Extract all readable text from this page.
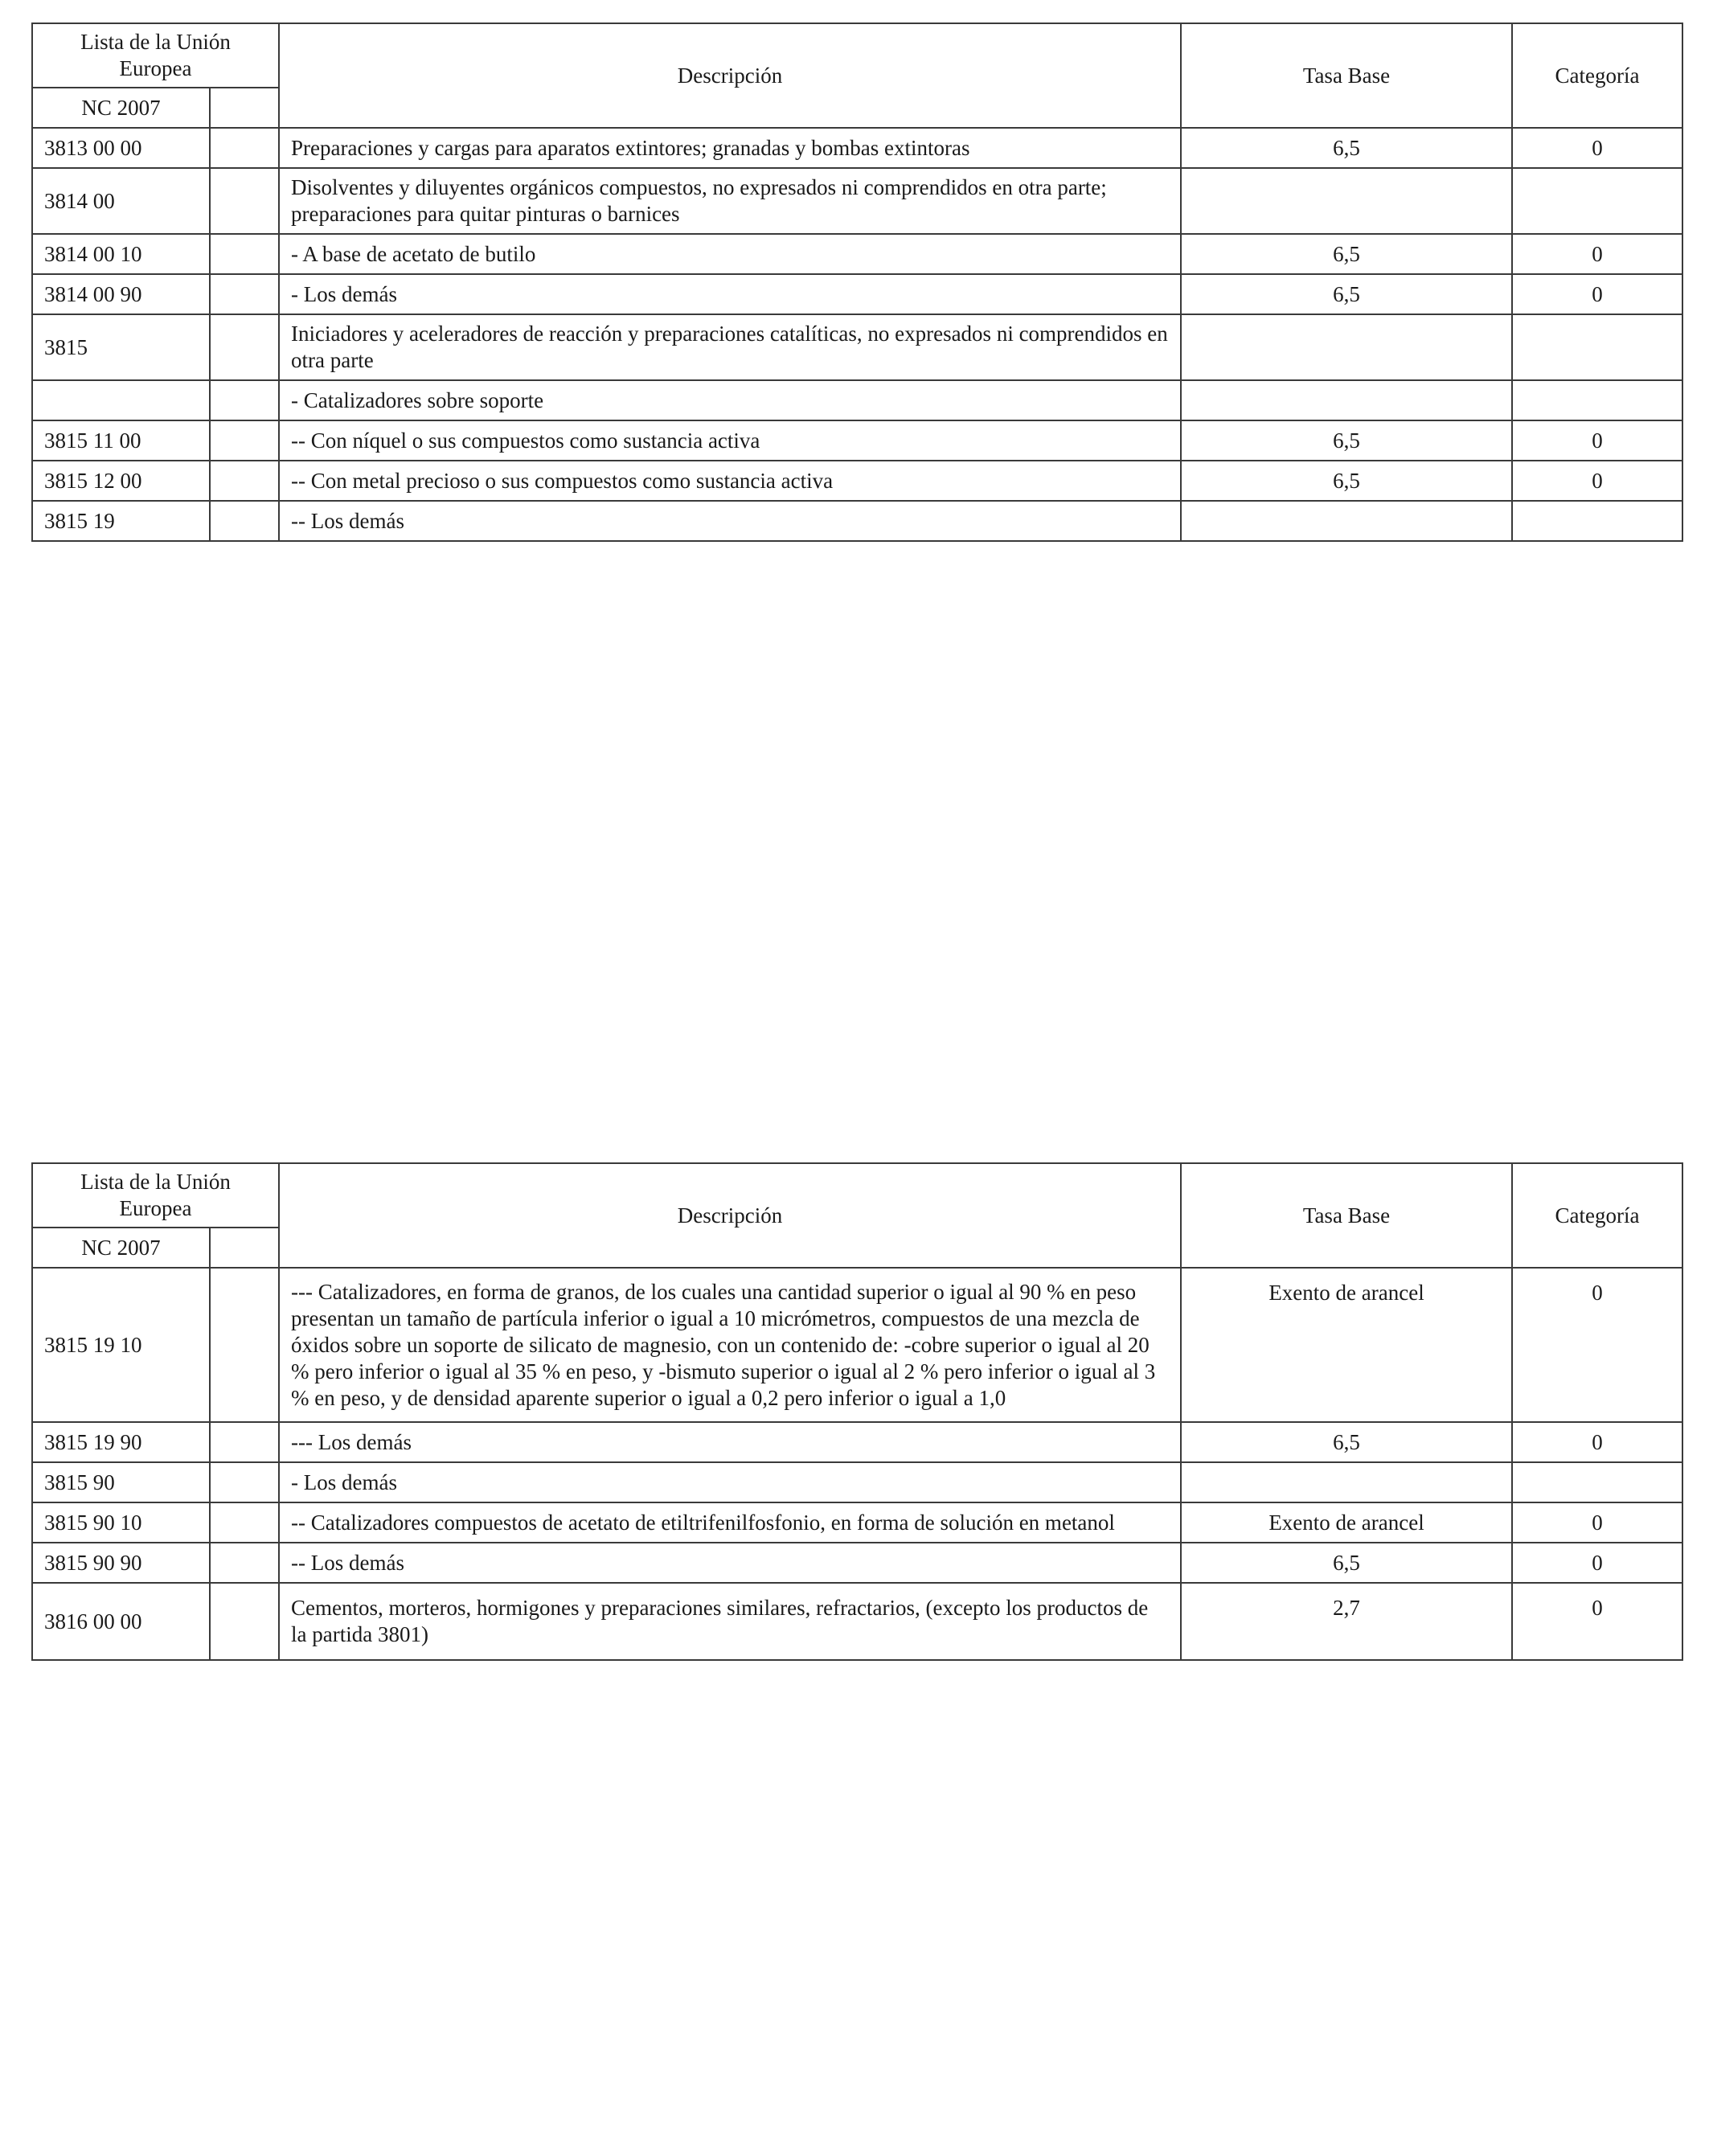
Lista de la Unión Europea		Descripción	Tasa Base	Categoría
NC 2007				
3813 00 00		Preparaciones y cargas para aparatos extintores; granadas y bombas extintoras	6,5	0
3814 00		Disolventes y diluyentes orgánicos compuestos, no expresados ni comprendidos en otra parte; preparaciones para quitar pinturas o barnices		
3814 00 10		- A base de acetato de butilo	6,5	0
3814 00 90		- Los demás	6,5	0
3815		Iniciadores y aceleradores de reacción y preparaciones catalíticas, no expresados ni comprendidos en otra parte		
		- Catalizadores sobre soporte		
3815 11 00		-- Con níquel o sus compuestos como sustancia activa	6,5	0
3815 12 00		-- Con metal precioso o sus compuestos como sustancia activa	6,5	0
3815 19		-- Los demás		
Lista de la Unión Europea		Descripción	Tasa Base	Categoría
NC 2007				
3815 19 10		--- Catalizadores, en forma de granos, de los cuales una cantidad superior o igual al 90 % en peso presentan un tamaño de partícula inferior o igual a 10 micrómetros, compuestos de una mezcla de óxidos sobre un soporte de silicato de magnesio, con un contenido de: -cobre superior o igual al 20 % pero inferior o igual al 35 % en peso, y -bismuto superior o igual al 2 % pero inferior o igual al 3 % en peso, y de densidad aparente superior o igual a 0,2 pero inferior o igual a 1,0	Exento de arancel	0
3815 19 90		--- Los demás	6,5	0
3815 90		- Los demás		
3815 90 10		-- Catalizadores compuestos de acetato de etiltrifenilfosfonio, en forma de solución en metanol	Exento de arancel	0
3815 90 90		-- Los demás	6,5	0
3816 00 00		Cementos, morteros, hormigones y preparaciones similares, refractarios, (excepto los productos de la partida 3801)	2,7	0
